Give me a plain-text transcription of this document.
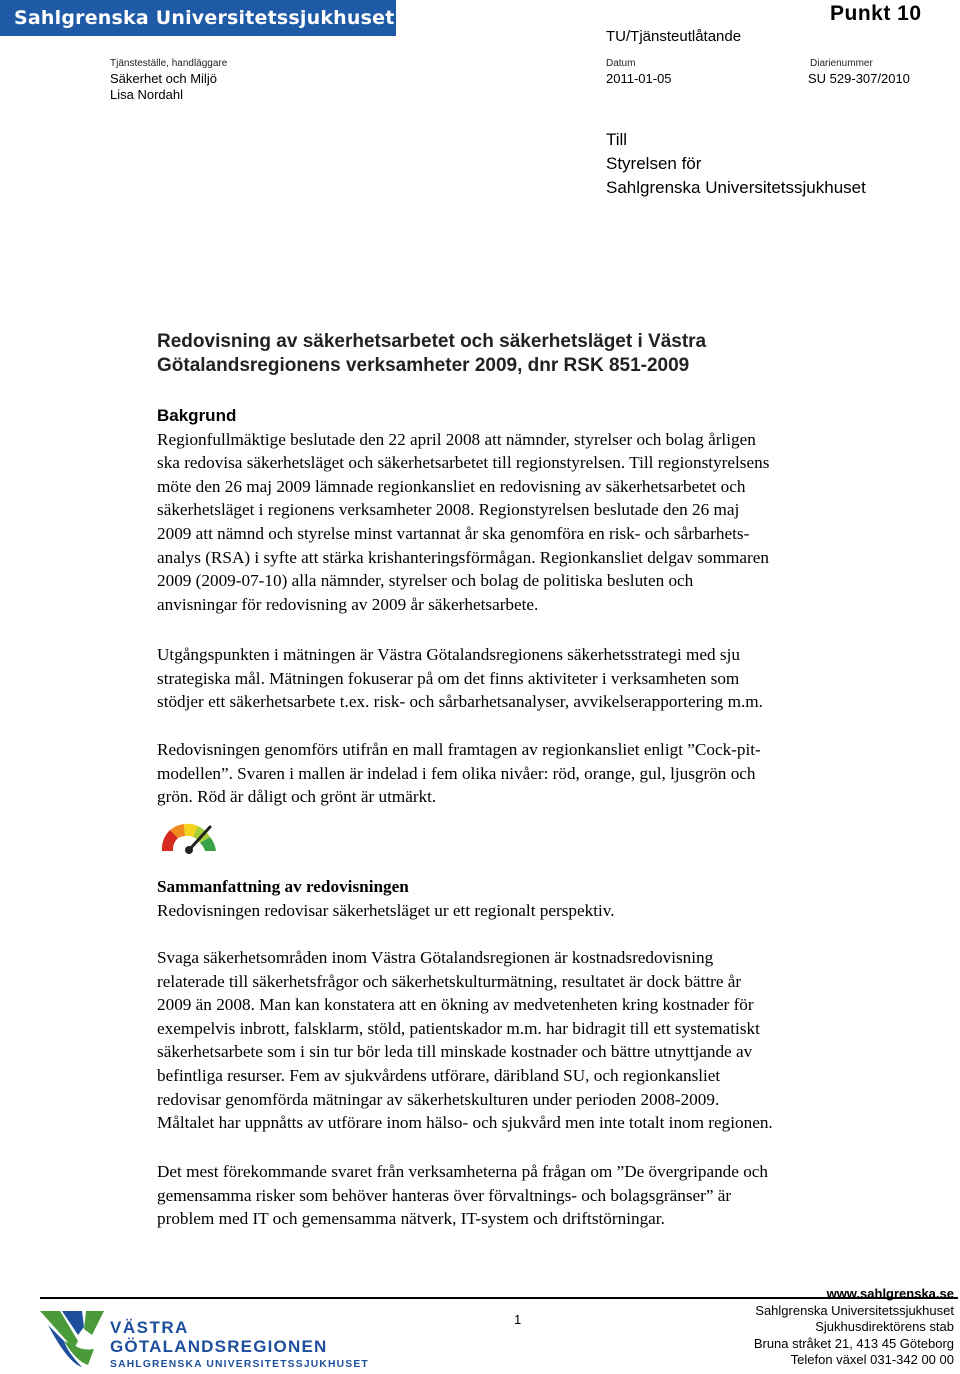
Sahlgrenska Universitetssjukhuset
TU/Tjänsteutlåtande
Punkt 10
Tjänsteställe, handläggare
Säkerhet och Miljö
Lisa Nordahl
Datum
2011-01-05
Diarienummer
SU 529-307/2010
Till
Styrelsen för
Sahlgrenska Universitetssjukhuset
Redovisning av säkerhetsarbetet och säkerhetsläget i Västra
Götalandsregionens verksamheter 2009, dnr RSK 851-2009
Bakgrund
Regionfullmäktige beslutade den 22 april 2008 att nämnder, styrelser och bolag årligen
ska redovisa säkerhetsläget och säkerhetsarbetet till regionstyrelsen. Till regionstyrelsens
möte den 26 maj 2009 lämnade regionkansliet en redovisning av säkerhetsarbetet och
säkerhetsläget i regionens verksamheter 2008. Regionstyrelsen beslutade den 26 maj
2009 att nämnd och styrelse minst vartannat år ska genomföra en risk- och sårbarhets-
analys (RSA) i syfte att stärka krishanteringsförmågan. Regionkansliet delgav sommaren
2009 (2009-07-10) alla nämnder, styrelser och bolag de politiska besluten och
anvisningar för redovisning av 2009 år säkerhetsarbete.
Utgångspunkten i mätningen är Västra Götalandsregionens säkerhetsstrategi med sju
strategiska mål. Mätningen fokuserar på om det finns aktiviteter i verksamheten som
stödjer ett säkerhetsarbete t.ex. risk- och sårbarhetsanalyser, avvikelserapportering m.m.
Redovisningen genomförs utifrån en mall framtagen av regionkansliet enligt ”Cock-pit-
modellen”. Svaren i mallen är indelad i fem olika nivåer: röd, orange, gul, ljusgrön och
grön. Röd är dåligt och grönt är utmärkt.
Sammanfattning av redovisningen
Redovisningen redovisar säkerhetsläget ur ett regionalt perspektiv.
Svaga säkerhetsområden inom Västra Götalandsregionen är kostnadsredovisning
relaterade till säkerhetsfrågor och säkerhetskulturmätning, resultatet är dock bättre år
2009 än 2008. Man kan konstatera att en ökning av medvetenheten kring kostnader för
exempelvis inbrott, falsklarm, stöld, patientskador m.m. har bidragit till ett systematiskt
säkerhetsarbete som i sin tur bör leda till minskade kostnader och bättre utnyttjande av
befintliga resurser. Fem av sjukvårdens utförare, däribland SU, och regionkansliet
redovisar genomförda mätningar av säkerhetskulturen under perioden 2008-2009.
Måltalet har uppnåtts av utförare inom hälso- och sjukvård men inte totalt inom regionen.
Det mest förekommande svaret från verksamheterna på frågan om ”De övergripande och
gemensamma risker som behöver hanteras över förvaltnings- och bolagsgränser” är
problem med IT och gemensamma nätverk, IT-system och driftstörningar.
VÄSTRA
GÖTALANDSREGIONEN
SAHLGRENSKA UNIVERSITETSSJUKHUSET
1
www.sahlgrenska.se
Sahlgrenska Universitetssjukhuset
Sjukhusdirektörens stab
Bruna stråket 21, 413 45 Göteborg
Telefon växel 031-342 00 00
